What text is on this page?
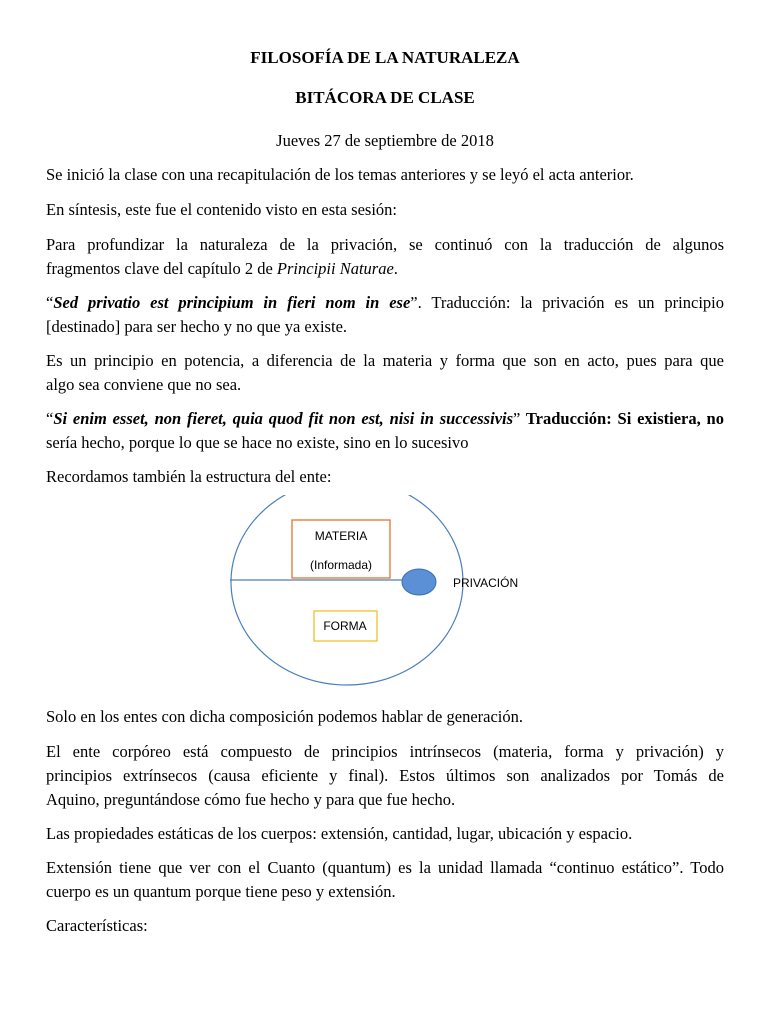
FILOSOFÍA DE LA NATURALEZA
BITÁCORA DE CLASE
Jueves 27 de septiembre de 2018
Se inició la clase con una recapitulación de los temas anteriores y se leyó el acta anterior.
En síntesis, este fue el contenido visto en esta sesión:
Para profundizar la naturaleza de la privación, se continuó con la traducción de algunos
fragmentos clave del capítulo 2 de Principii Naturae.
“Sed privatio est principium in fieri nom in ese”. Traducción: la privación es un principio
[destinado] para ser hecho y no que ya existe.
Es un principio en potencia, a diferencia de la materia y forma que son en acto, pues para que
algo sea conviene que no sea.
“Si enim esset, non fieret, quia quod fit non est, nisi in successivis” Traducción: Si existiera, no
sería hecho, porque lo que se hace no existe, sino en lo sucesivo
Recordamos también la estructura del ente:
MATERIA
(Informada)
FORMA
PRIVACIÓN
Solo en los entes con dicha composición podemos hablar de generación.
El ente corpóreo está compuesto de principios intrínsecos (materia, forma y privación) y
principios extrínsecos (causa eficiente y final). Estos últimos son analizados por Tomás de
Aquino, preguntándose cómo fue hecho y para que fue hecho.
Las propiedades estáticas de los cuerpos: extensión, cantidad, lugar, ubicación y espacio.
Extensión tiene que ver con el Cuanto (quantum) es la unidad llamada “continuo estático”. Todo
cuerpo es un quantum porque tiene peso y extensión.
Características:
